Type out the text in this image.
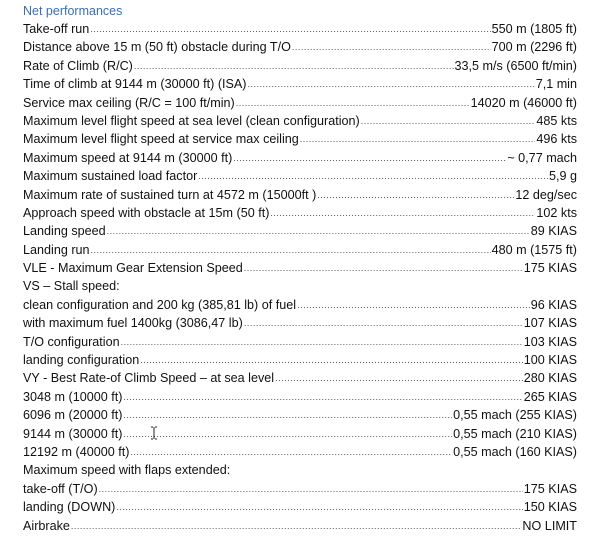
Net performances
Take-off run .....	550 m (1805 ft)
Distance above 15 m (50 ft) obstacle during T/O .....	700 m (2296 ft)
Rate of Climb (R/C) .....	33,5 m/s (6500 ft/min)
Time of climb at 9144 m (30000 ft) (ISA) .....	7,1 min
Service max ceiling (R/C = 100 ft/min) .....	14020 m (46000 ft)
Maximum level flight speed at sea level (clean configuration) .....	485 kts
Maximum level flight speed at service max ceiling .....	496 kts
Maximum speed at 9144 m (30000 ft) .....	~ 0,77 mach
Maximum sustained load factor .....	5,9 g
Maximum rate of sustained turn at 4572 m (15000ft ) .....	12 deg/sec
Approach speed with obstacle at 15m (50 ft) .....	102 kts
Landing speed .....	89 KIAS
Landing run .....	480 m (1575 ft)
VLE - Maximum Gear Extension Speed .....	175 KIAS
VS – Stall speed:
clean configuration and 200 kg (385,81 lb) of fuel .....	96 KIAS
with maximum fuel 1400kg (3086,47 lb) .....	107 KIAS
T/O configuration .....	103 KIAS
landing configuration .....	100 KIAS
VY - Best Rate-of Climb Speed – at sea level .....	280 KIAS
3048 m (10000 ft) .....	265 KIAS
6096 m (20000 ft) .....	0,55 mach (255 KIAS)
9144 m (30000 ft) .....	0,55 mach (210 KIAS)
12192 m (40000 ft) .....	0,55 mach (160 KIAS)
Maximum speed with flaps extended:
take-off (T/O) .....	175 KIAS
landing (DOWN) .....	150 KIAS
Airbrake .....	NO LIMIT
